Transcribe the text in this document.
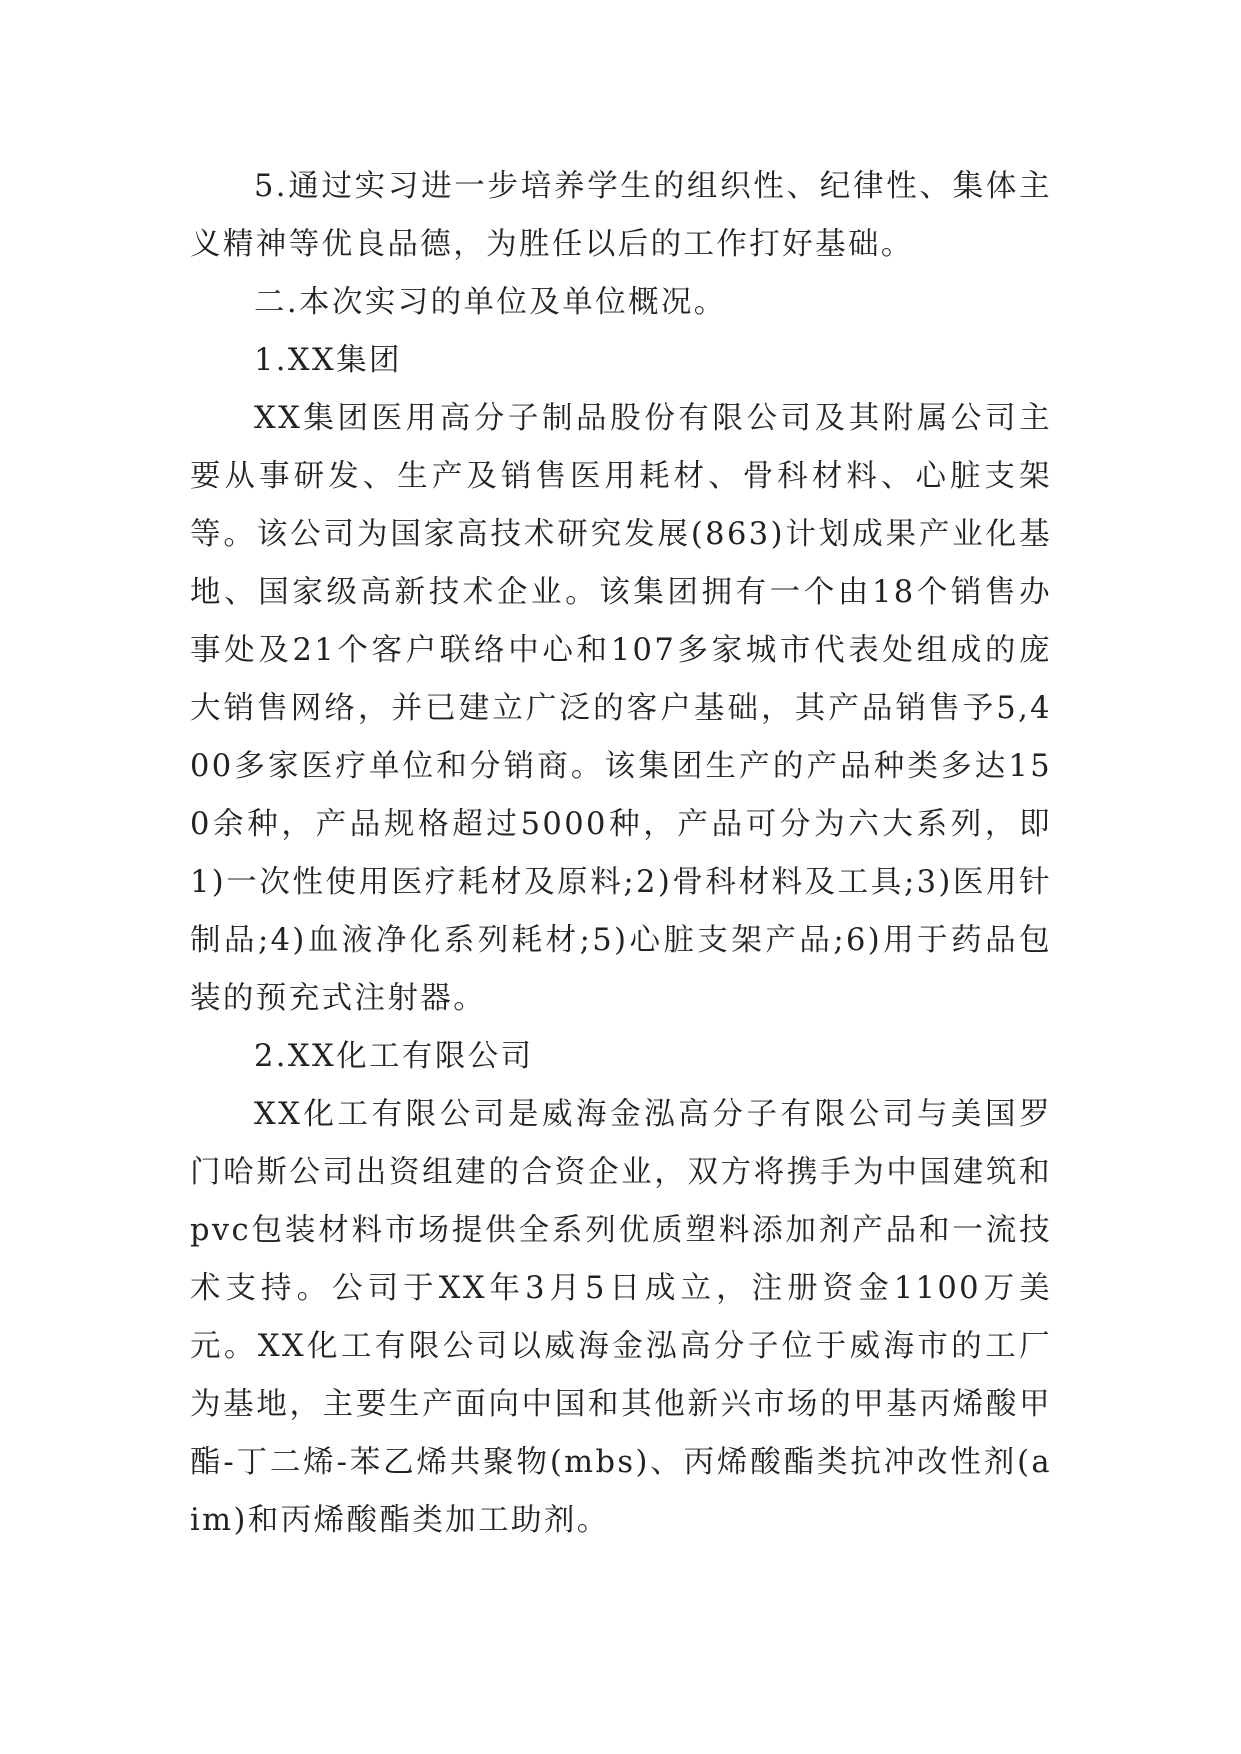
5.通过实习进一步培养学生的组织性、纪律性、集体主义精神等优良品德，为胜任以后的工作打好基础。

二.本次实习的单位及单位概况。

1.XX集团

XX集团医用高分子制品股份有限公司及其附属公司主要从事研发、生产及销售医用耗材、骨科材料、心脏支架等。该公司为国家高技术研究发展(863)计划成果产业化基地、国家级高新技术企业。该集团拥有一个由18个销售办事处及21个客户联络中心和107多家城市代表处组成的庞大销售网络，并已建立广泛的客户基础，其产品销售予5,400多家医疗单位和分销商。该集团生产的产品种类多达150余种，产品规格超过5000种，产品可分为六大系列，即1)一次性使用医疗耗材及原料;2)骨科材料及工具;3)医用针制品;4)血液净化系列耗材;5)心脏支架产品;6)用于药品包装的预充式注射器。

2.XX化工有限公司

XX化工有限公司是威海金泓高分子有限公司与美国罗门哈斯公司出资组建的合资企业，双方将携手为中国建筑和pvc包装材料市场提供全系列优质塑料添加剂产品和一流技术支持。公司于XX年3月5日成立，注册资金1100万美元。XX化工有限公司以威海金泓高分子位于威海市的工厂为基地，主要生产面向中国和其他新兴市场的甲基丙烯酸甲酯-丁二烯-苯乙烯共聚物(mbs)、丙烯酸酯类抗冲改性剂(aim)和丙烯酸酯类加工助剂。
